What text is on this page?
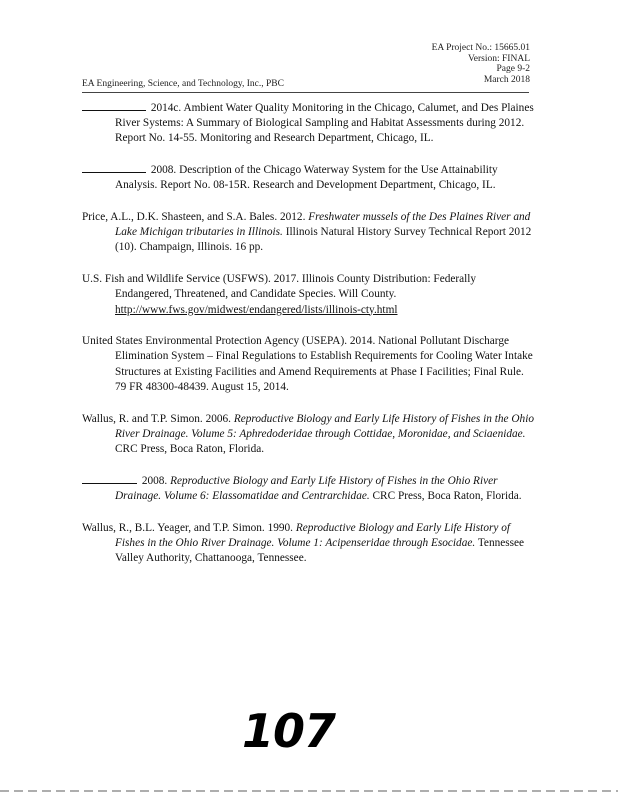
EA Project No.: 15665.01
Version: FINAL
Page 9-2
March 2018
EA Engineering, Science, and Technology, Inc., PBC

2014c. Ambient Water Quality Monitoring in the Chicago, Calumet, and Des Plaines River Systems: A Summary of Biological Sampling and Habitat Assessments during 2012. Report No. 14-55. Monitoring and Research Department, Chicago, IL.

2008. Description of the Chicago Waterway System for the Use Attainability Analysis. Report No. 08-15R. Research and Development Department, Chicago, IL.

Price, A.L., D.K. Shasteen, and S.A. Bales. 2012. Freshwater mussels of the Des Plaines River and Lake Michigan tributaries in Illinois. Illinois Natural History Survey Technical Report 2012 (10). Champaign, Illinois. 16 pp.

U.S. Fish and Wildlife Service (USFWS). 2017. Illinois County Distribution: Federally Endangered, Threatened, and Candidate Species. Will County. http://www.fws.gov/midwest/endangered/lists/illinois-cty.html

United States Environmental Protection Agency (USEPA). 2014. National Pollutant Discharge Elimination System – Final Regulations to Establish Requirements for Cooling Water Intake Structures at Existing Facilities and Amend Requirements at Phase I Facilities; Final Rule. 79 FR 48300-48439. August 15, 2014.

Wallus, R. and T.P. Simon. 2006. Reproductive Biology and Early Life History of Fishes in the Ohio River Drainage. Volume 5: Aphredoderidae through Cottidae, Moronidae, and Sciaenidae. CRC Press, Boca Raton, Florida.

2008. Reproductive Biology and Early Life History of Fishes in the Ohio River Drainage. Volume 6: Elassomatidae and Centrarchidae. CRC Press, Boca Raton, Florida.

Wallus, R., B.L. Yeager, and T.P. Simon. 1990. Reproductive Biology and Early Life History of Fishes in the Ohio River Drainage. Volume 1: Acipenseridae through Esocidae. Tennessee Valley Authority, Chattanooga, Tennessee.

107
